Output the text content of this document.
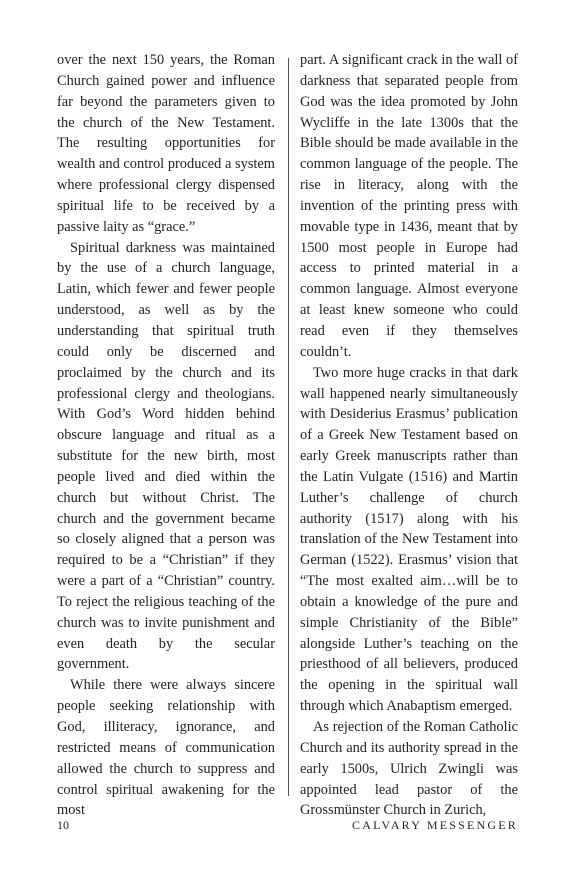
over the next 150 years, the Roman Church gained power and influence far beyond the parameters given to the church of the New Testament. The resulting opportunities for wealth and control produced a system where professional clergy dispensed spiritual life to be received by a passive laity as “grace.”

Spiritual darkness was maintained by the use of a church language, Latin, which fewer and fewer people understood, as well as by the understanding that spiritual truth could only be discerned and proclaimed by the church and its professional clergy and theologians. With God’s Word hidden behind obscure language and ritual as a substitute for the new birth, most people lived and died within the church but without Christ. The church and the government became so closely aligned that a person was required to be a “Christian” if they were a part of a “Christian” country. To reject the religious teaching of the church was to invite punishment and even death by the secular government.

While there were always sincere people seeking relationship with God, illiteracy, ignorance, and restricted means of communication allowed the church to suppress and control spiritual awakening for the most

part. A significant crack in the wall of darkness that separated people from God was the idea promoted by John Wycliffe in the late 1300s that the Bible should be made available in the common language of the people. The rise in literacy, along with the invention of the printing press with movable type in 1436, meant that by 1500 most people in Europe had access to printed material in a common language. Almost everyone at least knew someone who could read even if they themselves couldn’t.

Two more huge cracks in that dark wall happened nearly simultaneously with Desiderius Erasmus’ publication of a Greek New Testament based on early Greek manuscripts rather than the Latin Vulgate (1516) and Martin Luther’s challenge of church authority (1517) along with his translation of the New Testament into German (1522). Erasmus’ vision that “The most exalted aim…will be to obtain a knowledge of the pure and simple Christianity of the Bible” alongside Luther’s teaching on the priesthood of all believers, produced the opening in the spiritual wall through which Anabaptism emerged.

As rejection of the Roman Catholic Church and its authority spread in the early 1500s, Ulrich Zwingli was appointed lead pastor of the Grossmünster Church in Zurich,

10	CALVARY MESSENGER
